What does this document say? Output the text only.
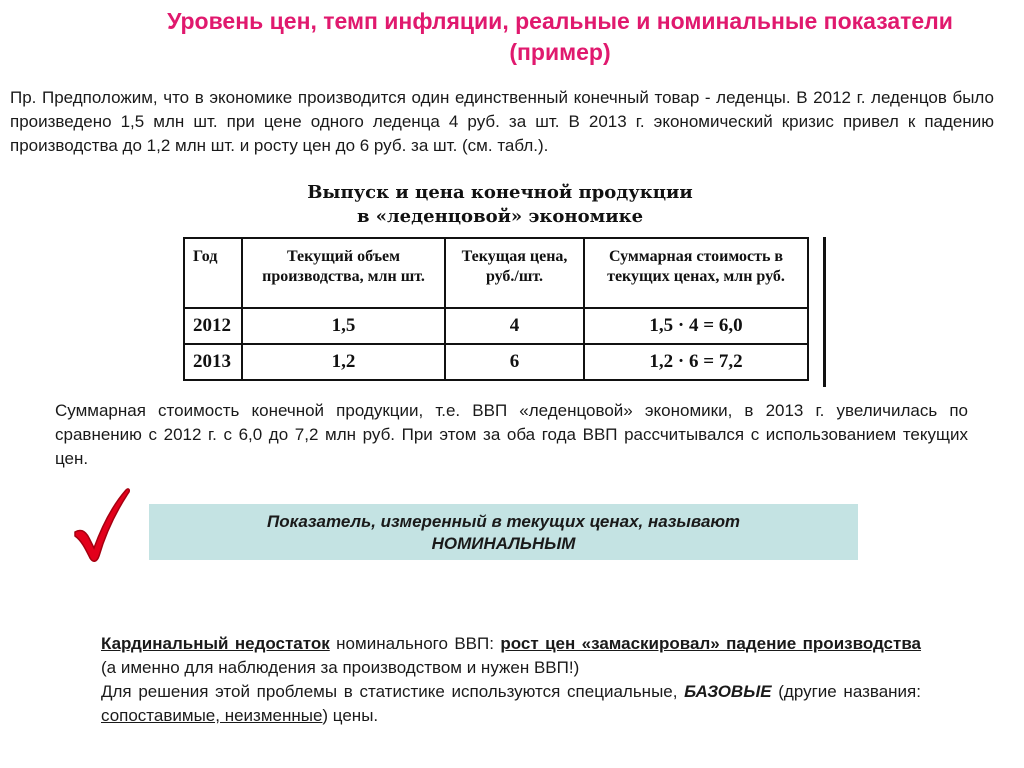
Уровень цен, темп инфляции, реальные и номинальные показатели
(пример)
Пр. Предположим, что в экономике производится один единственный конечный товар - леденцы. В 2012 г. леденцов было произведено 1,5 млн шт. при цене одного леденца 4 руб. за шт. В 2013 г. экономический кризис привел к падению производства до 1,2 млн шт. и росту цен до 6 руб. за шт. (см. табл.).
Выпуск и цена конечной продукции
в «леденцовой» экономике
Год	Текущий объем производства, млн шт.	Текущая цена, руб./шт.	Суммарная стоимость в текущих ценах, млн руб.
2012	1,5	4	1,5 · 4 = 6,0
2013	1,2	6	1,2 · 6 = 7,2
Суммарная стоимость конечной продукции, т.е. ВВП «леденцовой» экономики, в 2013 г. увеличилась по сравнению с 2012 г. с 6,0 до 7,2 млн руб. При этом за оба года ВВП рассчитывался с использованием текущих цен.
Показатель, измеренный в текущих ценах, называют
НОМИНАЛЬНЫМ
Кардинальный недостаток номинального ВВП: рост цен «замаскировал» падение производства (а именно для наблюдения за производством и нужен ВВП!)
Для решения этой проблемы в статистике используются специальные, БАЗОВЫЕ (другие названия: сопоставимые, неизменные) цены.
